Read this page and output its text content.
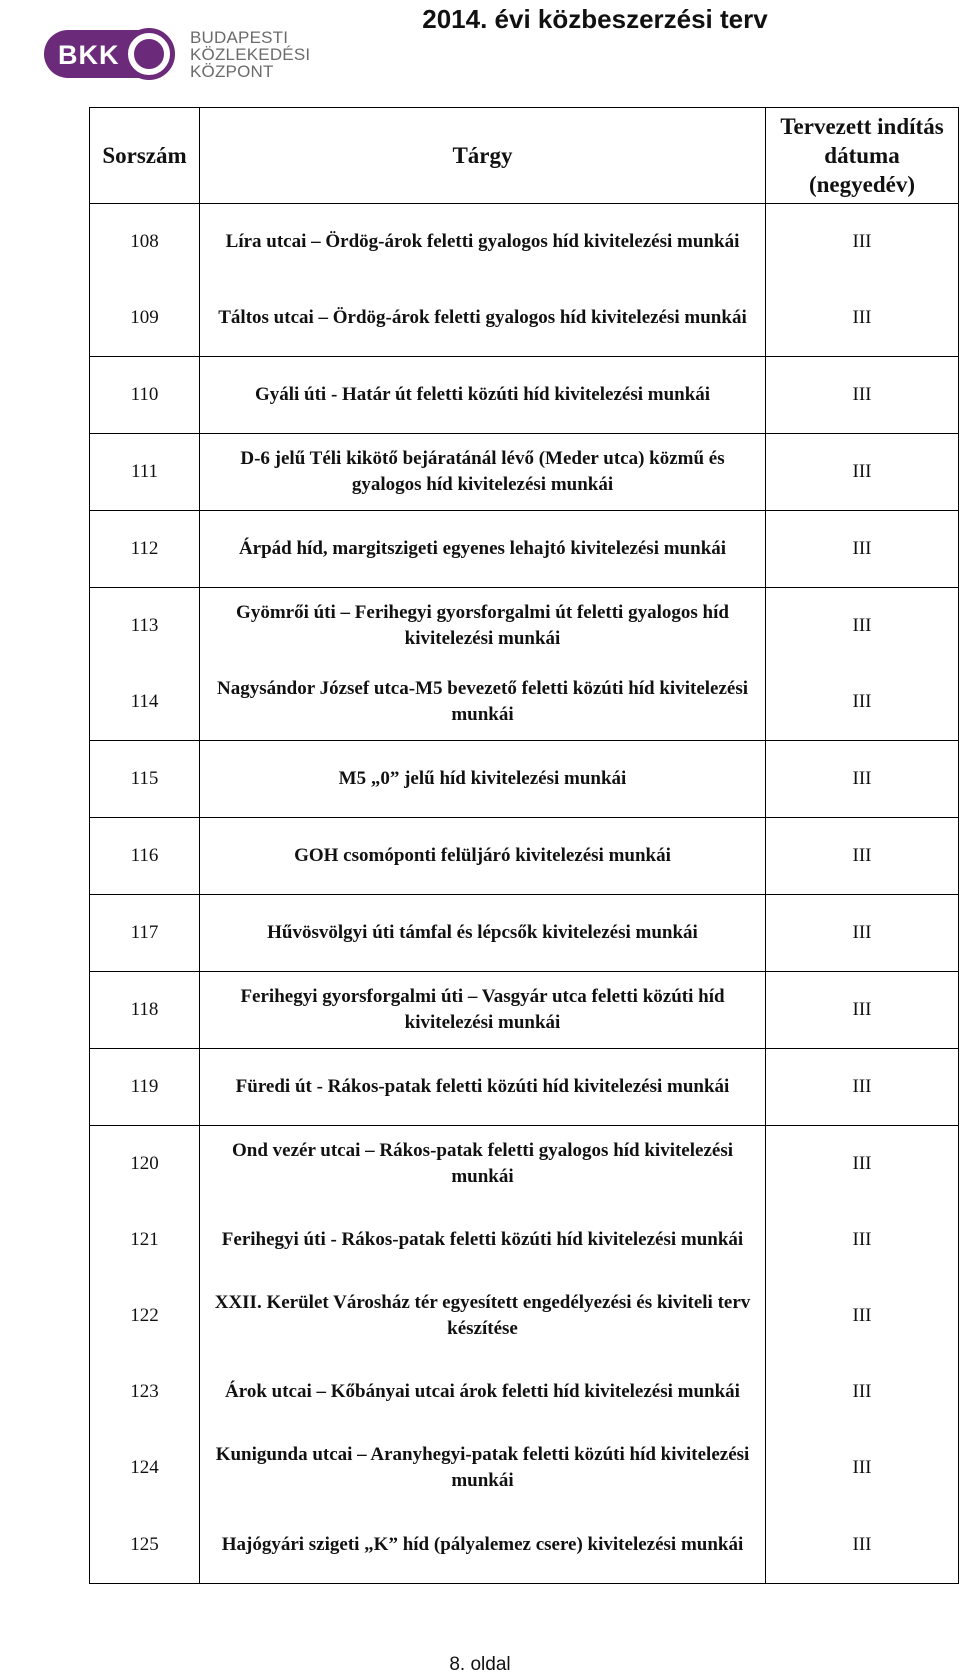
BKK
BUDAPESTI
KÖZLEKEDÉSI
KÖZPONT
2014. évi közbeszerzési terv
Sorszám	Tárgy	Tervezett indítás dátuma (negyedév)
108	Líra utcai – Ördög-árok feletti gyalogos híd kivitelezési munkái	III
109	Táltos utcai – Ördög-árok feletti gyalogos híd kivitelezési munkái	III
110	Gyáli úti - Határ út feletti közúti híd kivitelezési munkái	III
111	D-6 jelű Téli kikötő bejáratánál lévő (Meder utca) közmű és gyalogos híd kivitelezési munkái	III
112	Árpád híd, margitszigeti egyenes lehajtó kivitelezési munkái	III
113	Gyömrői úti – Ferihegyi gyorsforgalmi út feletti gyalogos híd kivitelezési munkái	III
114	Nagysándor József utca-M5 bevezető feletti közúti híd kivitelezési munkái	III
115	M5 „0” jelű híd kivitelezési munkái	III
116	GOH csomóponti felüljáró kivitelezési munkái	III
117	Hűvösvölgyi úti támfal és lépcsők kivitelezési munkái	III
118	Ferihegyi gyorsforgalmi úti – Vasgyár utca feletti közúti híd kivitelezési munkái	III
119	Füredi út - Rákos-patak feletti közúti híd kivitelezési munkái	III
120	Ond vezér utcai – Rákos-patak feletti gyalogos híd kivitelezési munkái	III
121	Ferihegyi úti - Rákos-patak feletti közúti híd kivitelezési munkái	III
122	XXII. Kerület Városház tér egyesített engedélyezési és kiviteli terv készítése	III
123	Árok utcai – Kőbányai utcai árok feletti híd kivitelezési munkái	III
124	Kunigunda utcai – Aranyhegyi-patak feletti közúti híd kivitelezési munkái	III
125	Hajógyári szigeti „K” híd (pályalemez csere) kivitelezési munkái	III
8. oldal
